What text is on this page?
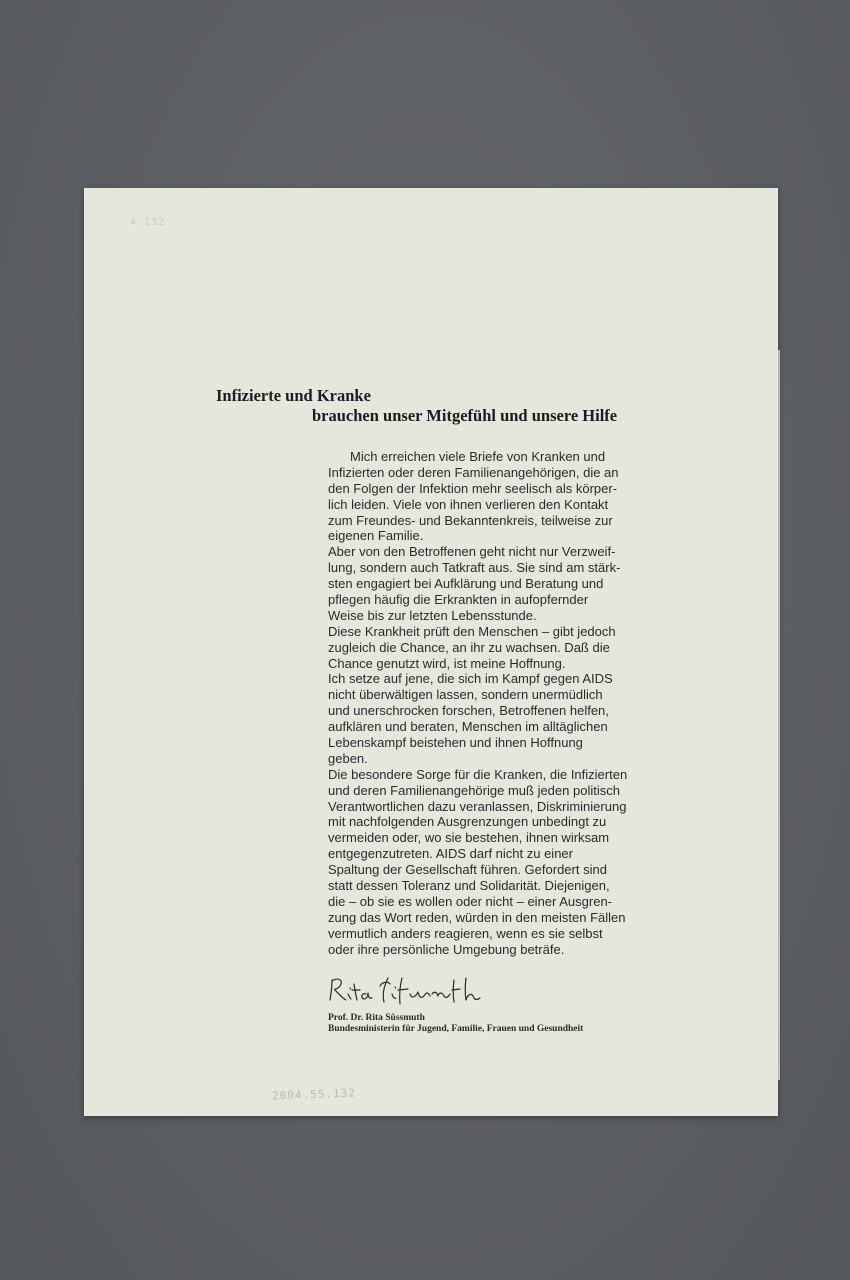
4 132
Infizierte und Kranke
brauchen unser Mitgefühl und unsere Hilfe
Mich erreichen viele Briefe von Kranken und
Infizierten oder deren Familienangehörigen, die an
den Folgen der Infektion mehr seelisch als körper-
lich leiden. Viele von ihnen verlieren den Kontakt
zum Freundes- und Bekanntenkreis, teilweise zur
eigenen Familie.
Aber von den Betroffenen geht nicht nur Verzweif-
lung, sondern auch Tatkraft aus. Sie sind am stärk-
sten engagiert bei Aufklärung und Beratung und
pflegen häufig die Erkrankten in aufopfernder
Weise bis zur letzten Lebensstunde.
Diese Krankheit prüft den Menschen – gibt jedoch
zugleich die Chance, an ihr zu wachsen. Daß die
Chance genutzt wird, ist meine Hoffnung.
Ich setze auf jene, die sich im Kampf gegen AIDS
nicht überwältigen lassen, sondern unermüdlich
und unerschrocken forschen, Betroffenen helfen,
aufklären und beraten, Menschen im alltäglichen
Lebenskampf beistehen und ihnen Hoffnung
geben.
Die besondere Sorge für die Kranken, die Infizierten
und deren Familienangehörige muß jeden politisch
Verantwortlichen dazu veranlassen, Diskriminierung
mit nachfolgenden Ausgrenzungen unbedingt zu
vermeiden oder, wo sie bestehen, ihnen wirksam
entgegenzutreten. AIDS darf nicht zu einer
Spaltung der Gesellschaft führen. Gefordert sind
statt dessen Toleranz und Solidarität. Diejenigen,
die – ob sie es wollen oder nicht – einer Ausgren-
zung das Wort reden, würden in den meisten Fällen
vermutlich anders reagieren, wenn es sie selbst
oder ihre persönliche Umgebung beträfe.
Prof. Dr. Rita Süssmuth
Bundesministerin für Jugend, Familie, Frauen und Gesundheit
2004.55.132
